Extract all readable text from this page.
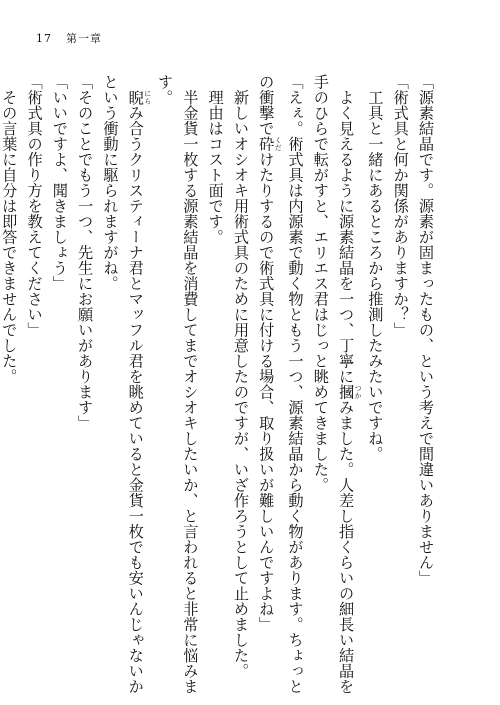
17 第一章
「源素結晶です。源素が固まったもの、という考えで間違いありません」
「術式具と何か関係がありますか？」
　工具と一緒にあるところから推測したみたいですね。
　よく見えるように源素結晶を一つ、丁寧に摑 つかみました。人差し指くらいの細長い結晶を
手のひらで転がすと、エリエス君はじっと眺めてきました。
「えぇ。術式具は内源素で動く物ともう一つ、源素結晶から動く物があります。ちょっと
の衝撃で砕 くだけたりするので術式具に付ける場合、取り扱いが難しいんですよね」
　新しいオシオキ用術式具のために用意したのですが、いざ作ろうとして止めました。
　理由はコスト面です。
　半金貨一枚する源素結晶を消費してまでオシオキしたいか、と言われると非常に悩みま
す。
　睨 にらみ合うクリスティーナ君とマッフル君を眺めていると金貨一枚でも安いんじゃないか
という衝動に駆られますがね。
「そのことでもう一つ、先生にお願いがあります」
「いいですよ、聞きましょう」
「術式具の作り方を教えてください」
　その言葉に自分は即答できませんでした。
